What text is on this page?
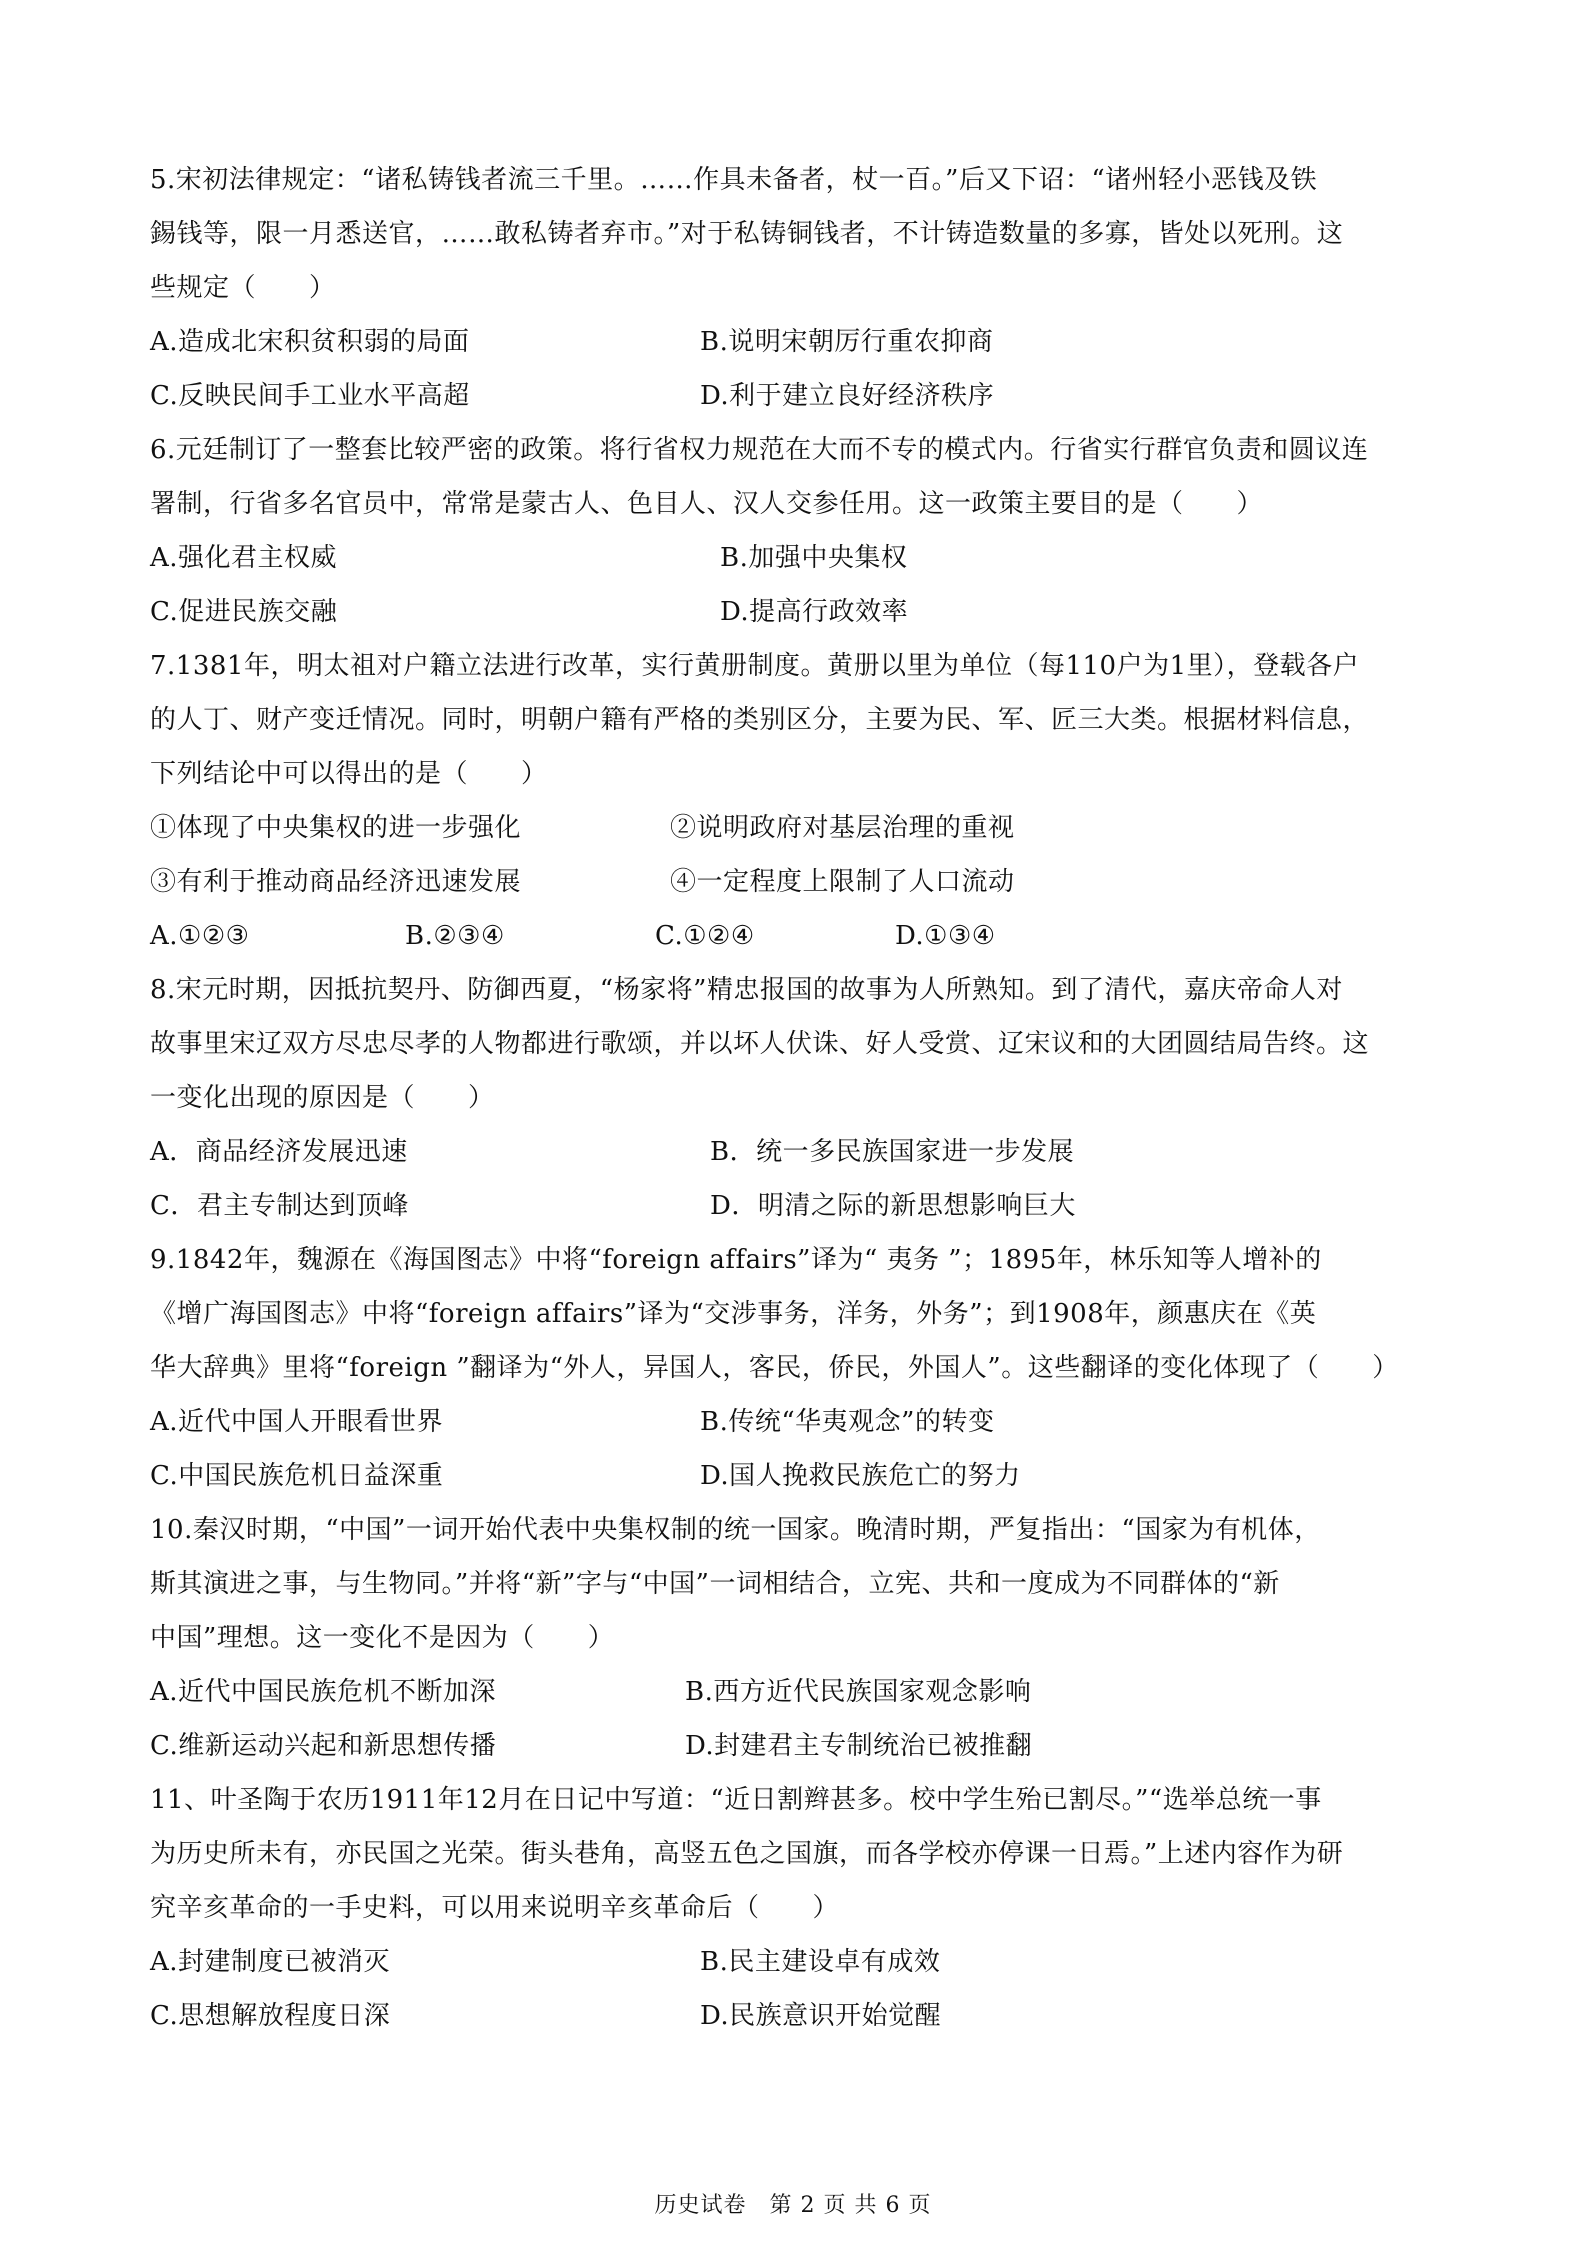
5.宋初法律规定：“诸私铸钱者流三千里。……作具未备者，杖一百。”后又下诏：“诸州轻小恶钱及铁
錫钱等，限一月悉送官，……敢私铸者弃市。”对于私铸铜钱者，不计铸造数量的多寡，皆处以死刑。这
些规定（　　）
A.造成北宋积贫积弱的局面	B.说明宋朝厉行重农抑商
C.反映民间手工业水平高超	D.利于建立良好经济秩序
6.元廷制订了一整套比较严密的政策。将行省权力规范在大而不专的模式内。行省实行群官负责和圆议连
署制，行省多名官员中，常常是蒙古人、色目人、汉人交参任用。这一政策主要目的是（　　）
A.强化君主权威	B.加强中央集权
C.促进民族交融	D.提高行政效率
7.1381年，明太祖对户籍立法进行改革，实行黄册制度。黄册以里为单位（每110户为1里），登载各户
的人丁、财产变迁情况。同时，明朝户籍有严格的类别区分，主要为民、军、匠三大类。根据材料信息，
下列结论中可以得出的是（　　）
①体现了中央集权的进一步强化	②说明政府对基层治理的重视
③有利于推动商品经济迅速发展	④一定程度上限制了人口流动
A.①②③	B.②③④	C.①②④	D.①③④
8.宋元时期，因抵抗契丹、防御西夏，“杨家将”精忠报国的故事为人所熟知。到了清代，嘉庆帝命人对
故事里宋辽双方尽忠尽孝的人物都进行歌颂，并以坏人伏诛、好人受赏、辽宋议和的大团圆结局告终。这
一变化出现的原因是（　　）
A．商品经济发展迅速	B．统一多民族国家进一步发展
C．君主专制达到顶峰	D．明清之际的新思想影响巨大
9.1842年，魏源在《海国图志》中将“foreign affairs”译为“ 夷务 ”；1895年，林乐知等人增补的
《增广海国图志》中将“foreign affairs”译为“交涉事务，洋务，外务”；到1908年，颜惠庆在《英
华大辞典》里将“foreign ”翻译为“外人，异国人，客民，侨民，外国人”。这些翻译的变化体现了（　　）
A.近代中国人开眼看世界	B.传统“华夷观念”的转变
C.中国民族危机日益深重	D.国人挽救民族危亡的努力
10.秦汉时期，“中国”一词开始代表中央集权制的统一国家。晚清时期，严复指出：“国家为有机体，
斯其演进之事，与生物同。”并将“新”字与“中国”一词相结合，立宪、共和一度成为不同群体的“新
中国”理想。这一变化不是因为（　　）
A.近代中国民族危机不断加深	B.西方近代民族国家观念影响
C.维新运动兴起和新思想传播	D.封建君主专制统治已被推翻
11、叶圣陶于农历1911年12月在日记中写道：“近日割辫甚多。校中学生殆已割尽。”“选举总统一事
为历史所未有，亦民国之光荣。街头巷角，高竖五色之国旗，而各学校亦停课一日焉。”上述内容作为研
究辛亥革命的一手史料，可以用来说明辛亥革命后（　　）
A.封建制度已被消灭	B.民主建设卓有成效
C.思想解放程度日深	D.民族意识开始觉醒
历史试卷　第 2 页 共 6 页
